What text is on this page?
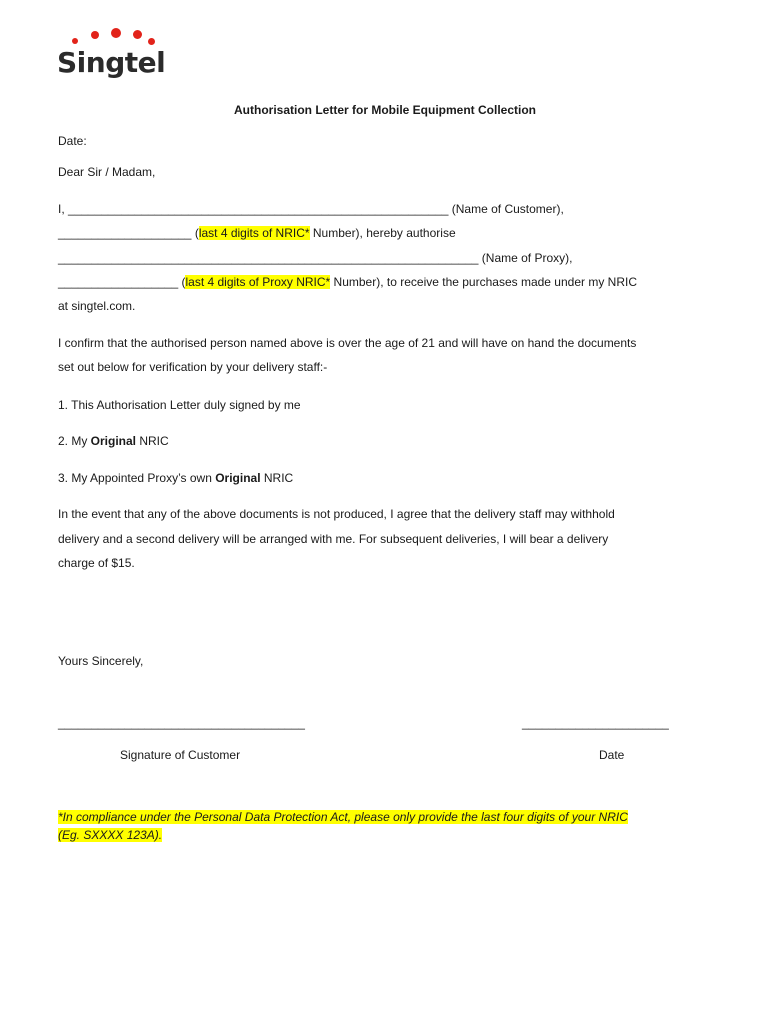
Singtel
Authorisation Letter for Mobile Equipment Collection
Date:
Dear Sir / Madam,
I, _________________________________________________________ (Name of Customer),
____________________ (last 4 digits of NRIC* Number), hereby authorise
_______________________________________________________________ (Name of Proxy),
__________________ (last 4 digits of Proxy NRIC* Number), to receive the purchases made under my NRIC
at singtel.com.
I confirm that the authorised person named above is over the age of 21 and will have on hand the documents
set out below for verification by your delivery staff:-
1. This Authorisation Letter duly signed by me
2. My Original NRIC
3. My Appointed Proxy’s own Original NRIC
In the event that any of the above documents is not produced, I agree that the delivery staff may withhold
delivery and a second delivery will be arranged with me. For subsequent deliveries, I will bear a delivery
charge of $15.
Yours Sincerely,
_____________________________________
Signature of Customer
______________________
Date
*In compliance under the Personal Data Protection Act, please only provide the last four digits of your NRIC
(Eg. SXXXX 123A).
